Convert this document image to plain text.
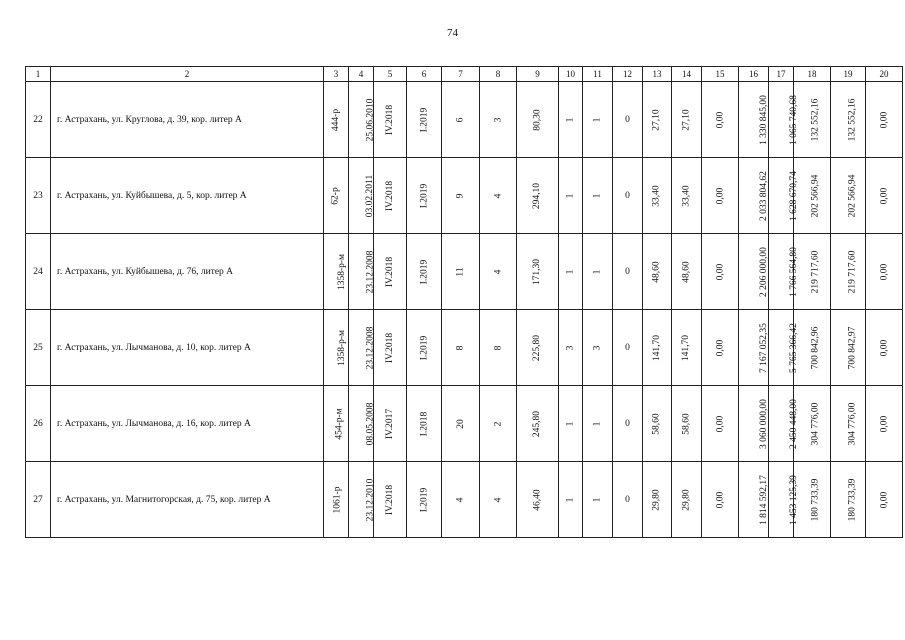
74
1	2	3	4	5	6	7	8	9	10	11	12	13	14	15	16	17	18	19	20
22	г. Астрахань, ул. Круглова, д. 39, кор. литер А	444-р	25.06.2010	IV.2018	I.2019	6	3	80,30	1	1	0	27,10	27,10	0,00	1 330 845,00	1 065 740,68	132 552,16	132 552,16	0,00
23	г. Астрахань, ул. Куйбышева, д. 5, кор. литер А	62-р	03.02.2011	IV.2018	I.2019	9	4	294,10	1	1	0	33,40	33,40	0,00	2 033 804,62	1 628 670,74	202 566,94	202 566,94	0,00
24	г. Астрахань, ул. Куйбышева, д. 76, литер А	1358-р-м	23.12.2008	IV.2018	I.2019	11	4	171,30	1	1	0	48,60	48,60	0,00	2 206 000,00	1 766 564,80	219 717,60	219 717,60	0,00
25	г. Астрахань, ул. Лычманова, д. 10, кор. литер А	1358-р-м	23.12.2008	IV.2018	I.2019	8	8	225,80	3	3	0	141,70	141,70	0,00	7 167 052,35	5 765 366,42	700 842,96	700 842,97	0,00
26	г. Астрахань, ул. Лычманова, д. 16, кор. литер А	454-р-м	08.05.2008	IV.2017	I.2018	20	2	245,80	1	1	0	58,60	58,60	0,00	3 060 000,00	2 450 448,00	304 776,00	304 776,00	0,00
27	г. Астрахань, ул. Магнитогорская, д. 75, кор. литер А	1061-р	23.12.2010	IV.2018	I.2019	4	4	46,40	1	1	0	29,80	29,80	0,00	1 814 592,17	1 453 125,39	180 733,39	180 733,39	0,00
